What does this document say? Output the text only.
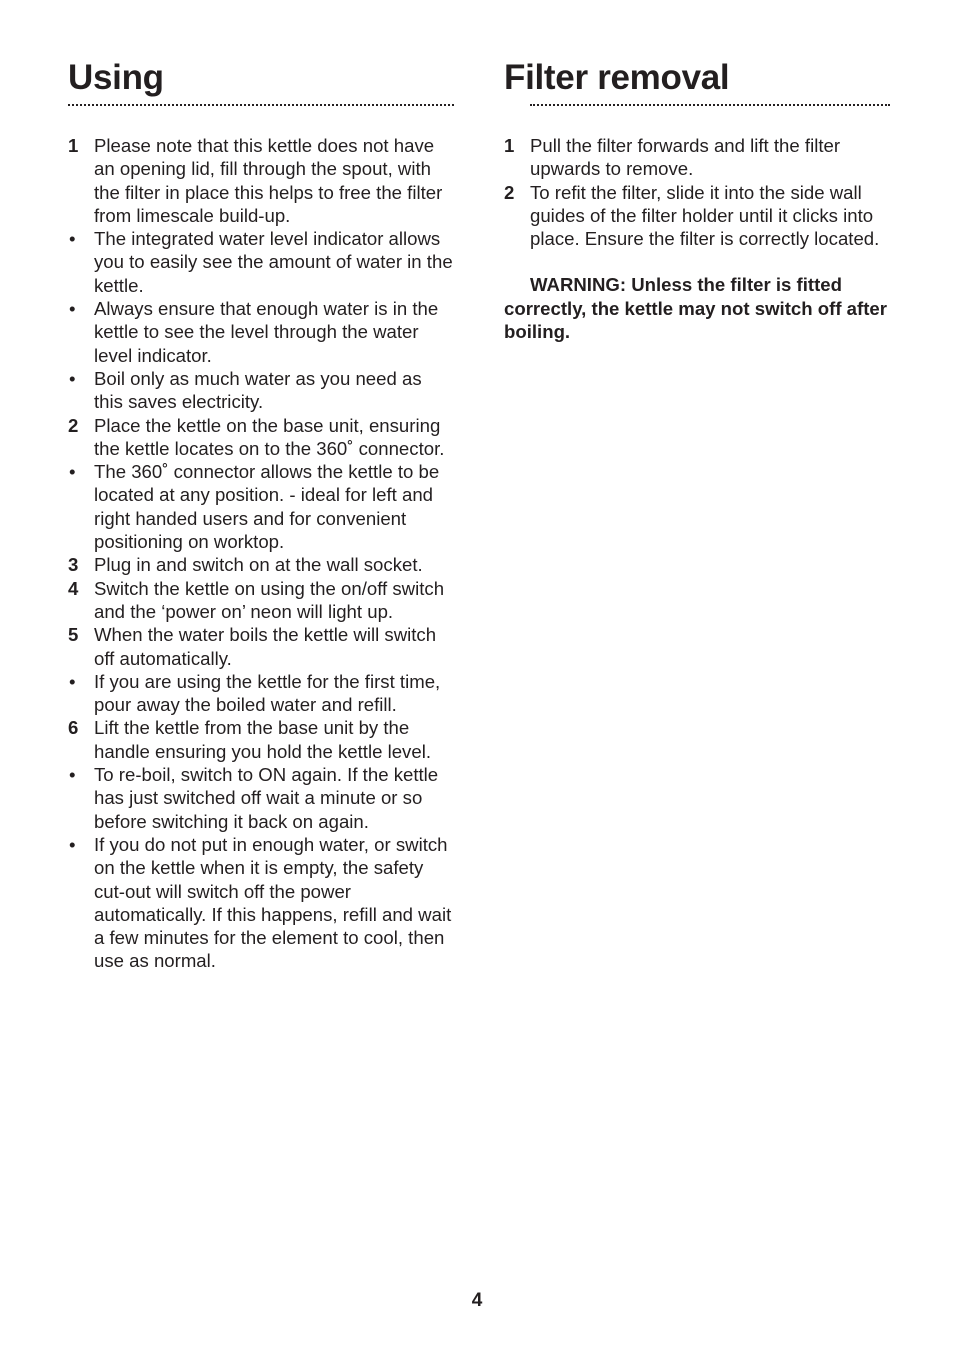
Using
1 Please note that this kettle does not have an opening lid, fill through the spout, with the filter in place this helps to free the filter from limescale build-up.
• The integrated water level indicator allows you to easily see the amount of water in the kettle.
• Always ensure that enough water is in the kettle to see the level through the water level indicator.
• Boil only as much water as you need as this saves electricity.
2 Place the kettle on the base unit, ensuring the kettle locates on to the 360˚ connector.
• The 360˚ connector allows the kettle to be located at any position. - ideal for left and right handed users and for convenient positioning on worktop.
3 Plug in and switch on at the wall socket.
4 Switch the kettle on using the on/off switch and the ‘power on’ neon will light up.
5 When the water boils the kettle will switch off automatically.
• If you are using the kettle for the first time, pour away the boiled water and refill.
6 Lift the kettle from the base unit by the handle ensuring you hold the kettle level.
• To re-boil, switch to ON again. If the kettle has just switched off wait a minute or so before switching it back on again.
• If you do not put in enough water, or switch on the kettle when it is empty, the safety cut-out will switch off the power automatically. If this happens, refill and wait a few minutes for the element to cool, then use as normal.
Filter removal
1 Pull the filter forwards and lift the filter upwards to remove.
2 To refit the filter, slide it into the side wall guides of the filter holder until it clicks into place. Ensure the filter is correctly located.

WARNING: Unless the filter is fitted correctly, the kettle may not switch off after boiling.

4
